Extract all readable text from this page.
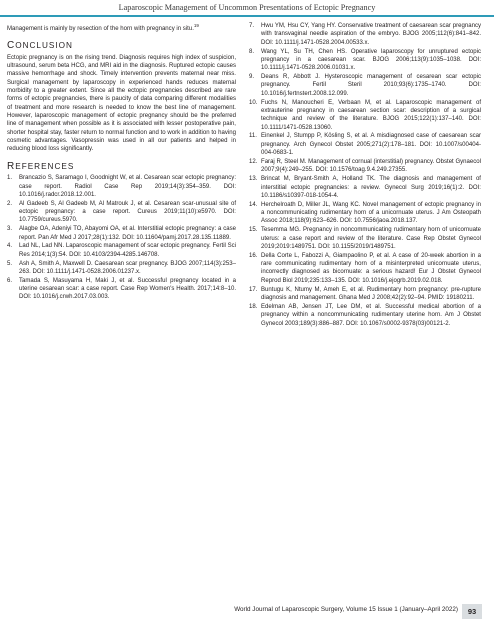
Laparoscopic Management of Uncommon Presentations of Ectopic Pregnancy

Management is mainly by resection of the horn with pregnancy in situ.$^{19}$

CONCLUSION

Ectopic pregnancy is on the rising trend. Diagnosis requires high index of suspicion, ultrasound, serum beta HCG, and MRI aid in the diagnosis. Ruptured ectopic causes massive hemorrhage and shock. Timely intervention prevents maternal near miss. Surgical management by laparoscopy in experienced hands reduces maternal morbidity to a greater extent. Since all the ectopic pregnancies described are rare forms of ectopic pregnancies, there is paucity of data comparing different modalities of treatment and more research is needed to know the best line of management. However, laparoscopic management of ectopic pregnancy should be the preferred line of management when possible as it is associated with lesser postoperative pain, shorter hospital stay, faster return to normal function and to work in addition to having cosmetic advantages. Vasopressin was used in all our patients and helped in reducing blood loss significantly.

REFERENCES
1. Brancazio S, Saramago I, Goodnight W, et al. Cesarean scar ectopic pregnancy: case report. Radiol Case Rep 2019;14(3):354–359. DOI: 10.1016/j.radcr.2018.12.001.
2. Al Gadeeb S, Al Gadeeb M, Al Matrouk J, et al. Cesarean scar-unusual site of ectopic pregnancy: a case report. Cureus 2019;11(10):e5970. DOI: 10.7759/cureus.5970.
3. Alagbe OA, Adeniyi TO, Abayomi OA, et al. Interstitial ectopic pregnancy: a case report. Pan Afr Med J 2017;28(1):132. DOI: 10.11604/pamj.2017.28.135.11889.
4. Lad NL, Lad NN. Laparoscopic management of scar ectopic pregnancy. Fertil Sci Res 2014;1(3):54. DOI: 10.4103/2394-4285.146708.
5. Ash A, Smith A, Maxwell D. Caesarean scar pregnancy. BJOG 2007;114(3):253–263. DOI: 10.1111/j.1471-0528.2006.01237.x.
6. Tamada S, Masuyama H, Maki J, et al. Successful pregnancy located in a uterine cesarean scar: a case report. Case Rep Women's Health. 2017;14:8–10. DOI: 10.1016/j.crwh.2017.03.003.
7. Hwu YM, Hsu CY, Yang HY. Conservative treatment of caesarean scar pregnancy with transvaginal needle aspiration of the embryo. BJOG 2005;112(6):841–842. DOI: 10.1111/j.1471-0528.2004.00533.x.
8. Wang YL, Su TH, Chen HS. Operative laparoscopy for unruptured ectopic pregnancy in a caesarean scar. BJOG 2006;113(9):1035–1038. DOI: 10.1111/j.1471-0528.2006.01031.x.
9. Deans R, Abbott J. Hysteroscopic management of cesarean scar ectopic pregnancy. Fertil Steril 2010;93(6):1735–1740. DOI: 10.1016/j.fertnstert.2008.12.099.
10. Fuchs N, Manoucheri E, Verbaan M, et al. Laparoscopic management of extrauterine pregnancy in caesarean section scar: description of a surgical technique and review of the literature. BJOG 2015;122(1):137–140. DOI: 10.1111/1471-0528.13060.
11. Einenkel J, Stumpp P, Kösling S, et al. A misdiagnosed case of caesarean scar pregnancy. Arch Gynecol Obstet 2005;271(2):178–181. DOI: 10.1007/s00404-004-0683-1.
12. Faraj R, Steel M. Management of cornual (interstitial) pregnancy. Obstet Gynaecol 2007;9(4):249–255. DOI: 10.1576/toag.9.4.249.27355.
13. Brincat M, Bryant-Smith A, Holland TK. The diagnosis and management of interstitial ectopic pregnancies: a review. Gynecol Surg 2019;16(1):2. DOI: 10.1186/s10397-018-1054-4.
14. Herchelroath D, Miller JL, Wang KC. Novel management of ectopic pregnancy in a noncommunicating rudimentary horn of a unicornuate uterus. J Am Osteopath Assoc 2018;118(9):623–626. DOI: 10.7556/jaoa.2018.137.
15. Tesemma MG. Pregnancy in noncommunicating rudimentary horn of unicornuate uterus: a case report and review of the literature. Case Rep Obstet Gynecol 2019;2019:1489751. DOI: 10.1155/2019/1489751.
16. Della Corte L, Fabozzi A, Giampaolino P, et al. A case of 20-week abortion in a rare communicating rudimentary horn of a misinterpreted unicornuate uterus, incorrectly diagnosed as bicornuate: a serious hazard! Eur J Obstet Gynecol Reprod Biol 2019;235:133–135. DOI: 10.1016/j.ejogrb.2019.02.018.
17. Buntugu K, Ntumy M, Ameh E, et al. Rudimentary horn pregnancy: pre-rupture diagnosis and management. Ghana Med J 2008;42(2):92–94. PMID: 19180211.
18. Edelman AB, Jensen JT, Lee DM, et al. Successful medical abortion of a pregnancy within a noncommunicating rudimentary uterine horn. Am J Obstet Gynecol 2003;189(3):886–887. DOI: 10.1067/s0002-9378(03)00121-2.
World Journal of Laparoscopic Surgery, Volume 15 Issue 1 (January–April 2022)	93
